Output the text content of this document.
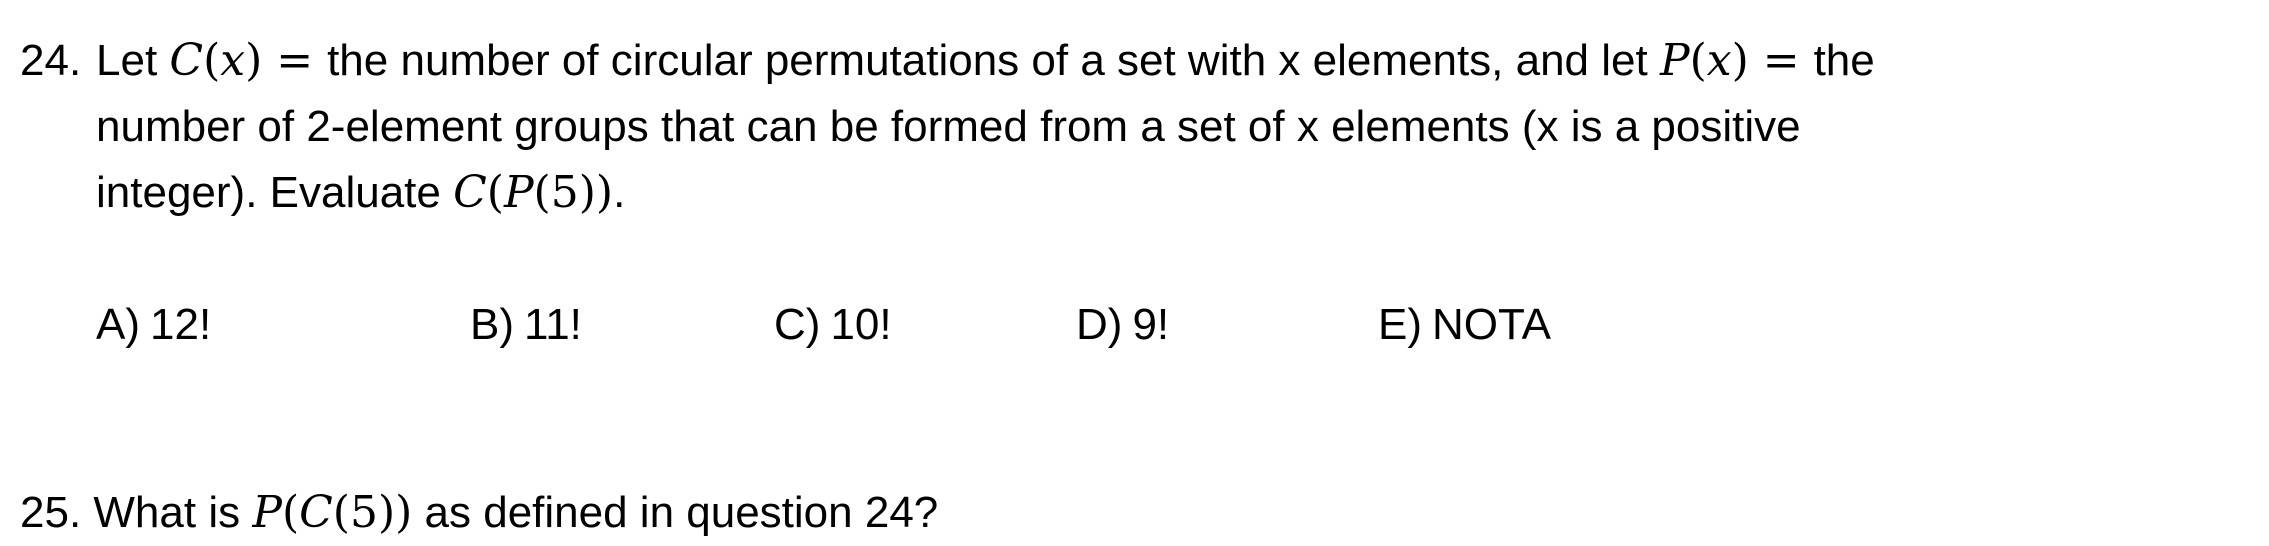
24. Let C(x) = the number of circular permutations of a set with x elements, and let P(x) = the
number of 2-element groups that can be formed from a set of x elements (x is a positive
integer). Evaluate C(P(5)).
A) 12!	B) 11!	C) 10!	D) 9!	E) NOTA
25. What is P(C(5)) as defined in question 24?
